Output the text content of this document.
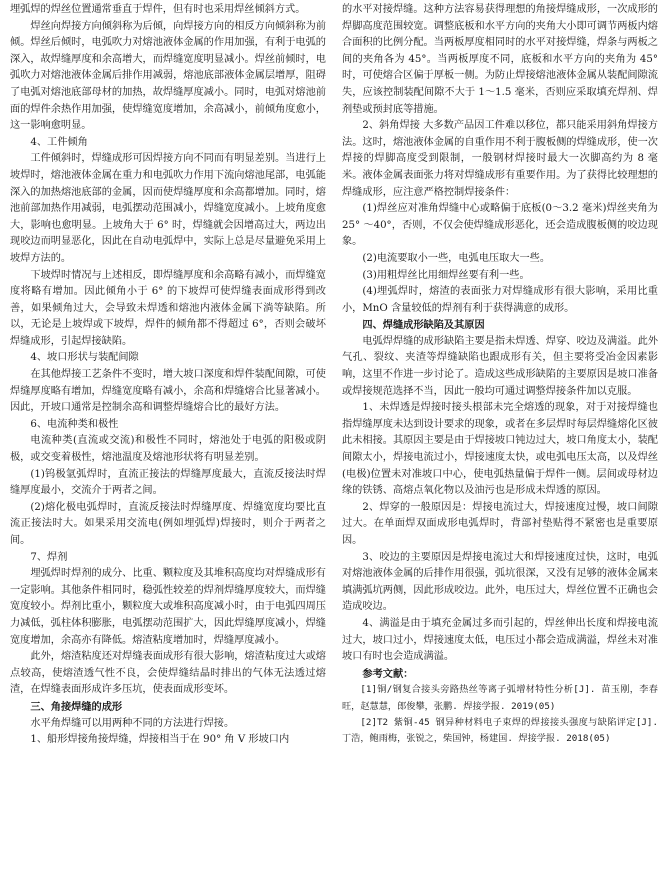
埋弧焊的焊丝位置通常垂直于焊件，但有时也采用焊丝倾斜方式。

焊丝向焊接方向倾斜称为后倾，向焊接方向的相反方向倾斜称为前倾。焊丝后倾时，电弧吹力对熔池液体金属的作用加强，有利于电弧的深入，故焊缝厚度和余高增大，而焊缝宽度明显减小。焊丝前倾时，电弧吹力对熔池液体金属后排作用减弱，熔池底部液体金属层增厚，阻碍了电弧对熔池底部母材的加热，故焊缝厚度减小。同时，电弧对熔池前面的焊件余热作用加强，使焊缝宽度增加，余高减小，前倾角度愈小，这一影响愈明显。

4、工件倾角

工件倾斜时，焊缝成形可因焊接方向不同而有明显差别。当进行上坡焊时，熔池液体金属在重力和电弧吹力作用下流向熔池尾部，电弧能深入的加热熔池底部的金属，因而使焊缝厚度和余高都增加。同时，熔池前部加热作用减弱，电弧摆动范围减小，焊缝宽度减小。上坡角度愈大，影响也愈明显。上坡角大于 6° 时，焊缝就会因增高过大，两边出现咬边而明显恶化，因此在自动电弧焊中，实际上总是尽量避免采用上坡焊方法的。

下坡焊时情况与上述相反，即焊缝厚度和余高略有减小，而焊缝宽度将略有增加。因此倾角小于 6° 的下坡焊可使焊缝表面成形得到改善，如果倾角过大，会导致未焊透和熔池内液体金属下淌等缺陷。所以，无论是上坡焊或下坡焊，焊件的倾角都不得超过 6°，否则会破坏焊缝成形，引起焊接缺陷。

4、坡口形状与装配间隙

在其他焊接工艺条件不变时，增大坡口深度和焊件装配间隙，可使焊缝厚度略有增加，焊缝宽度略有减小，余高和焊缝熔合比显著减小。因此，开坡口通常是控制余高和调整焊缝熔合比的最好方法。

6、电流种类和极性

电流种类(直流或交流)和极性不同时，熔池处于电弧的阳极或阴极，或交变着极性，熔池温度及熔池形状将有明显差别。

(1)钨极氩弧焊时，直流正接法的焊缝厚度最大，直流反接法时焊缝厚度最小，交流介于两者之间。

(2)熔化极电弧焊时，直流反接法时焊缝厚度、焊缝宽度均要比直流正接法时大。如果采用交流电(例如埋弧焊)焊接时，则介于两者之间。

7、焊剂

埋弧焊时焊剂的成分、比重、颗粒度及其堆积高度均对焊缝成形有一定影响。其他条件相同时，稳弧性较差的焊剂焊缝厚度较大，而焊缝宽度较小。焊剂比重小，颗粒度大或堆积高度减小时，由于电弧四周压力减低，弧柱体积膨胀，电弧摆动范围扩大，因此焊缝厚度减小，焊缝宽度增加，余高亦有降低。熔渣粘度增加时，焊缝厚度减小。

此外，熔渣粘度还对焊缝表面成形有很大影响，熔渣粘度过大或熔点较高，使熔渣透气性不良，会使焊缝结晶时排出的气体无法透过熔渣，在焊缝表面形成许多压坑，使表面成形变坏。

三、角接焊缝的成形

水平角焊缝可以用两种不同的方法进行焊接。

1、船形焊接角接焊缝，焊接相当于在 90° 角 V 形坡口内

的水平对接焊缝。这种方法容易获得理想的角接焊缝成形，一次成形的焊脚高度范围较宽。调整底板和水平方向的夹角大小即可调节两板内熔合面积的比例分配。当两板厚度相同时的水平对接焊缝，焊条与两板之间的夹角各为 45°。当两板厚度不同，底板和水平方向的夹角为 45° 时，可使熔合区偏于厚板一侧。为防止焊接熔池液体金属从装配间隙流失，应该控制装配间隙不大于 1～1.5 毫米，否则应采取填充焊剂、焊剂垫或预封底等措施。

2、斜角焊接 大多数产品因工件难以移位，都只能采用斜角焊接方法。这时，熔池液体金属的自重作用不利于腹板侧的焊缝成形，使一次焊接的焊脚高度受到限制，一般钢材焊接时最大一次脚高约为 8 毫米。液体金属表面张力将对焊缝成形有重要作用。为了获得比较理想的焊缝成形，应注意严格控制焊接条件：

(1)焊丝应对准角焊缝中心或略偏于底板(0～3.2 毫米)焊丝夹角为 25° ～40°，否则，不仅会使焊缝成形恶化，还会造成腹板侧的咬边现象。

(2)电流要取小一些，电弧电压取大一些。

(3)用粗焊丝比用细焊丝要有利一些。

(4)埋弧焊时，熔渣的表面张力对焊缝成形有很大影响，采用比重小，MnO 含量较低的焊剂有利于获得满意的成形。

四、焊缝成形缺陷及其原因

电弧焊焊缝的成形缺陷主要是指未焊透、焊穿、咬边及满溢。此外气孔、裂纹、夹渣等焊缝缺陷也跟成形有关，但主要将受冶金因素影响，这里不作进一步讨论了。造成这些成形缺陷的主要原因是坡口准备或焊接规范选择不当，因此一般均可通过调整焊接条件加以克服。

1、未焊透是焊接时接头根部未完全熔透的现象，对于对接焊缝也指焊缝厚度未达到设计要求的现象，或者在多层焊时每层焊缝熔化区彼此未相接。其原因主要是由于焊接坡口钝边过大，坡口角度太小，装配间隙太小，焊接电流过小，焊接速度太快，或电弧电压太高，以及焊丝(电极)位置未对准坡口中心，使电弧热量偏于焊件一侧。层间或母材边缘的铁锈、高熔点氧化物以及油污也是形成未焊透的原因。

2、焊穿的一般原因是：焊接电流过大，焊接速度过慢，坡口间隙过大。在单面焊双面成形电弧焊时，背部衬垫贴得不紧密也是重要原因。

3、咬边的主要原因是焊接电流过大和焊接速度过快，这时，电弧对熔池液体金属的后排作用很强，弧坑很深，又没有足够的液体金属来填满弧坑两侧，因此形成咬边。此外，电压过大，焊丝位置不正确也会造成咬边。

4、满溢是由于填充金属过多而引起的，焊丝伸出长度和焊接电流过大，坡口过小，焊接速度太低，电压过小都会造成满溢，焊丝未对准坡口有时也会造成满溢。

参考文献：

[1]铜/钢复合接头旁路热丝等离子弧增材特性分析[J]. 苗玉刚，李春旺，赵慧慧，郎俊攀，张鹏. 焊接学报. 2019(05)

[2]T2 紫铜-45 钢异种材料电子束焊的焊接接头强度与缺陷评定[J]. 丁浩，鲍雨梅，张锐之，柴国钟，杨建国. 焊接学报. 2018(05)
